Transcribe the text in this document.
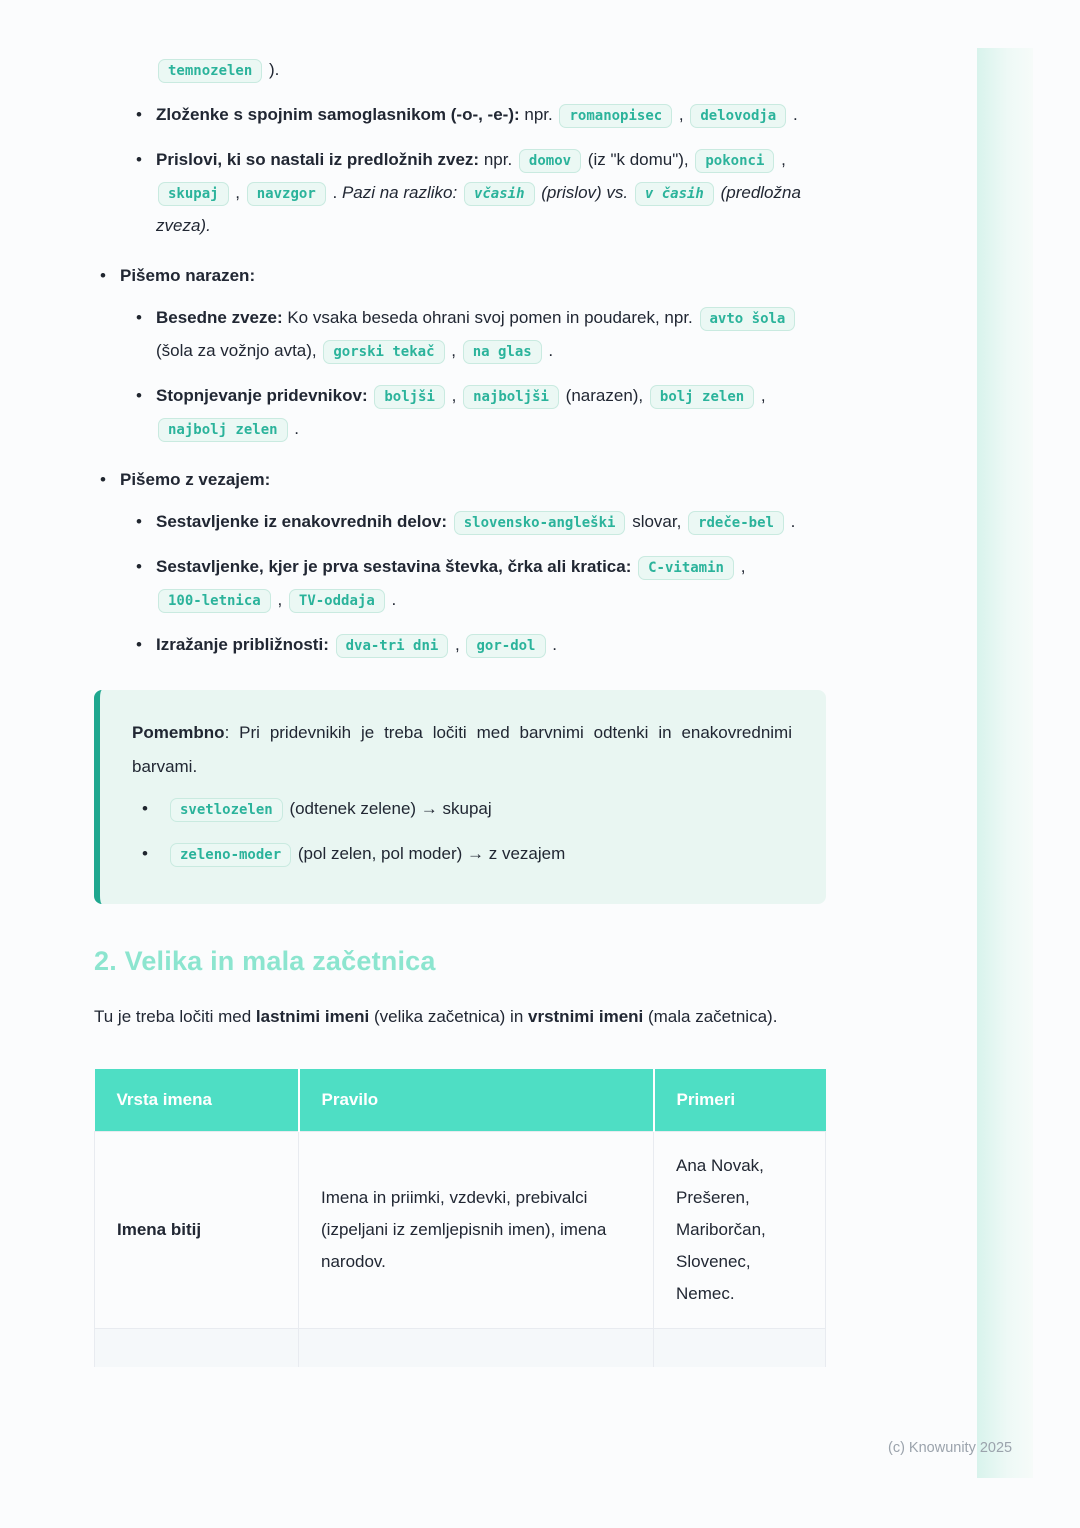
temnozelen ).
• Zloženke s spojnim samoglasnikom (-o-, -e-): npr. romanopisec , delovodja .
• Prislovi, ki so nastali iz predložnih zvez: npr. domov (iz "k domu"), pokonci , skupaj , navzgor . Pazi na razliko: včasih (prislov) vs. v časih (predložna zveza).
• Pišemo narazen:
• Besedne zveze: Ko vsaka beseda ohrani svoj pomen in poudarek, npr. avto šola (šola za vožnjo avta), gorski tekač , na glas .
• Stopnjevanje pridevnikov: boljši , najboljši (narazen), bolj zelen , najbolj zelen .
• Pišemo z vezajem:
• Sestavljenke iz enakovrednih delov: slovensko-angleški slovar, rdeče-bel .
• Sestavljenke, kjer je prva sestavina števka, črka ali kratica: C-vitamin , 100-letnica , TV-oddaja .
• Izražanje približnosti: dva-tri dni , gor-dol .

Pomembno: Pri pridevnikih je treba ločiti med barvnimi odtenki in enakovrednimi barvami.

•	svetlozelen (odtenek zelene) → skupaj
•	zeleno-moder (pol zelen, pol moder) → z vezajem
2. Velika in mala začetnica

Tu je treba ločiti med lastnimi imeni (velika začetnica) in vrstnimi imeni (mala začetnica).

Vrsta imena	Pravilo	Primeri
Imena bitij	Imena in priimki, vzdevki, prebivalci (izpeljani iz zemljepisnih imen), imena narodov.	Ana Novak, Prešeren, Mariborčan, Slovenec, Nemec.

(c) Knowunity 2025
